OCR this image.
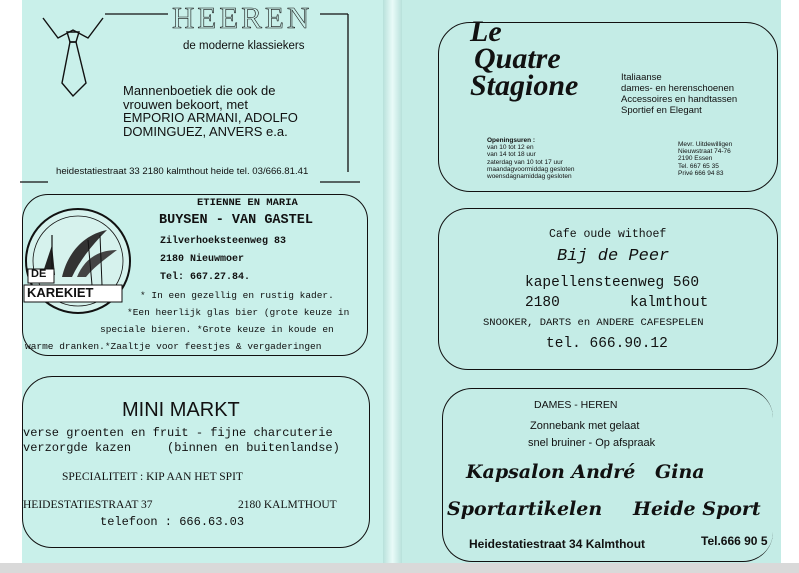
HEEREN
de moderne klassiekers
Mannenboetiek die ook de
vrouwen bekoort, met
EMPORIO ARMANI, ADOLFO
DOMINGUEZ, ANVERS e.a.
heidestatiestraat 33 2180 kalmthout heide tel. 03/666.81.41
DE
KAREKIET
ETIENNE EN MARIA
BUYSEN - VAN GASTEL
Zilverhoeksteenweg 83
2180 Nieuwmoer
Tel: 667.27.84.
* In een gezellig en rustig kader.
*Een heerlijk glas bier (grote keuze in
speciale bieren. *Grote keuze in koude en
warme dranken.*Zaaltje voor feestjes & vergaderingen
MINI MARKT
verse groenten en fruit - fijne charcuterie
verzorgde kazen	(binnen en buitenlandse)
SPECIALITEIT : KIP AAN HET SPIT
HEIDESTATIESTRAAT 37	2180 KALMTHOUT
telefoon : 666.63.03
Le
Quatre
Stagione	Italiaanse
dames- en herenschoenen
Accessoires en handtassen
Sportief en Elegant
Openingsuren :
van 10 tot 12 en
van 14 tot 18 uur
zaterdag van 10 tot 17 uur
maandagvoormiddag gesloten
woensdagnamiddag gesloten
Mevr. Uitdewilligen
Nieuwstraat 74-76
2190 Essen
Tel. 667 65 35
Privé 666 94 83
Cafe oude withoef
Bij de Peer
kapellensteenweg 560
2180	kalmthout
SNOOKER, DARTS en ANDERE CAFESPELEN
tel. 666.90.12
DAMES - HEREN
Zonnebank met gelaat
snel bruiner - Op afspraak
Kapsalon André Gina
Sportartikelen Heide Sport
Heidestatiestraat 34 Kalmthout	Tel.666 90 5
